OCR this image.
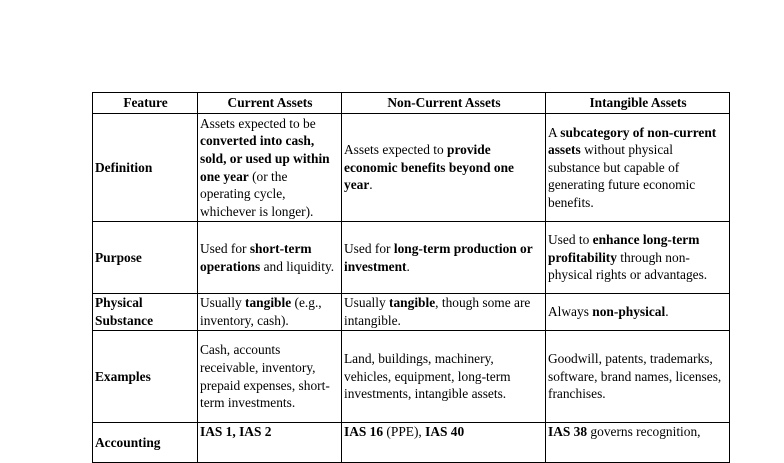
Feature	Current Assets	Non-Current Assets	Intangible Assets
Definition	Assets expected to be converted into cash, sold, or used up within one year (or the operating cycle, whichever is longer).	Assets expected to provide economic benefits beyond one year.	A subcategory of non-current assets without physical substance but capable of generating future economic benefits.
Purpose	Used for short-term operations and liquidity.	Used for long-term production or investment.	Used to enhance long-term profitability through non-physical rights or advantages.
Physical Substance	Usually tangible (e.g., inventory, cash).	Usually tangible, though some are intangible.	Always non-physical.
Examples	Cash, accounts receivable, inventory, prepaid expenses, short-term investments.	Land, buildings, machinery, vehicles, equipment, long-term investments, intangible assets.	Goodwill, patents, trademarks, software, brand names, licenses, franchises.
Accounting	IAS 1, IAS 2	IAS 16 (PPE), IAS 40	IAS 38 governs recognition,
